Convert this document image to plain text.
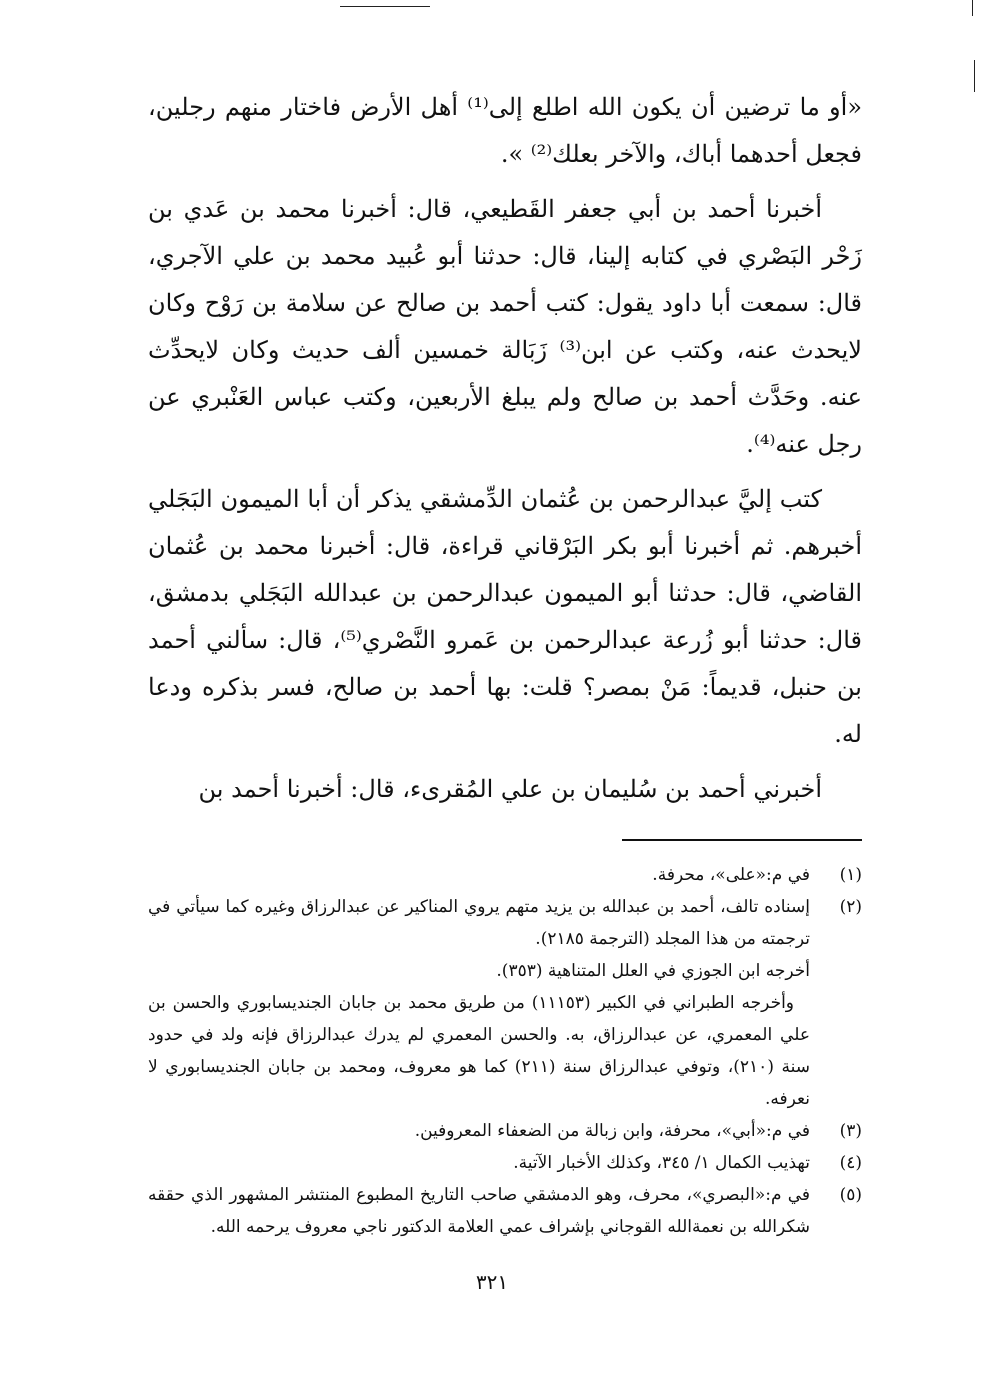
«أو ما ترضين أن يكون الله اطلع إلى⁽¹⁾ أهل الأرض فاختار منهم رجلين، فجعل أحدهما أباك، والآخر بعلك⁽²⁾ ».

أخبرنا أحمد بن أبي جعفر القَطيعي، قال: أخبرنا محمد بن عَدي بن زَحْر البَصْري في كتابه إلينا، قال: حدثنا أبو عُبيد محمد بن علي الآجري، قال: سمعت أبا داود يقول: كتب أحمد بن صالح عن سلامة بن رَوْح وكان لايحدث عنه، وكتب عن ابن⁽³⁾ زَبَالة خمسين ألف حديث وكان لايحدِّث عنه. وحَدَّث أحمد بن صالح ولم يبلغ الأربعين، وكتب عباس العَنْبري عن رجل عنه⁽⁴⁾.

كتب إليَّ عبدالرحمن بن عُثمان الدِّمشقي يذكر أن أبا الميمون البَجَلي أخبرهم. ثم أخبرنا أبو بكر البَرْقاني قراءة، قال: أخبرنا محمد بن عُثمان القاضي، قال: حدثنا أبو الميمون عبدالرحمن بن عبدالله البَجَلي بدمشق، قال: حدثنا أبو زُرعة عبدالرحمن بن عَمرو النَّصْري⁽⁵⁾، قال: سألني أحمد بن حنبل، قديماً: مَنْ بمصر؟ قلت: بها أحمد بن صالح، فسر بذكره ودعا له.

أخبرني أحمد بن سُليمان بن علي المُقرىء، قال: أخبرنا أحمد بن

(١)

في م:«على»، محرفة.

(٢)

إسناده تالف، أحمد بن عبدالله بن يزيد متهم يروي المناكير عن عبدالرزاق وغيره كما سيأتي في ترجمته من هذا المجلد (الترجمة ٢١٨٥).

أخرجه ابن الجوزي في العلل المتناهية (٣٥٣).

وأخرجه الطبراني في الكبير (١١١٥٣) من طريق محمد بن جابان الجنديسابوري والحسن بن علي المعمري، عن عبدالرزاق، به. والحسن المعمري لم يدرك عبدالرزاق فإنه ولد في حدود سنة (٢١٠)، وتوفي عبدالرزاق سنة (٢١١) كما هو معروف، ومحمد بن جابان الجنديسابوري لا نعرفه.

(٣)

في م:«أبي»، محرفة، وابن زبالة من الضعفاء المعروفين.

(٤)

تهذيب الكمال ١/ ٣٤٥، وكذلك الأخبار الآتية.

(٥)

في م:«البصري»، محرف، وهو الدمشقي صاحب التاريخ المطبوع المنتشر المشهور الذي حققه شكرالله بن نعمةالله القوجاني بإشراف عمي العلامة الدكتور ناجي معروف يرحمه الله.

٣٢١
